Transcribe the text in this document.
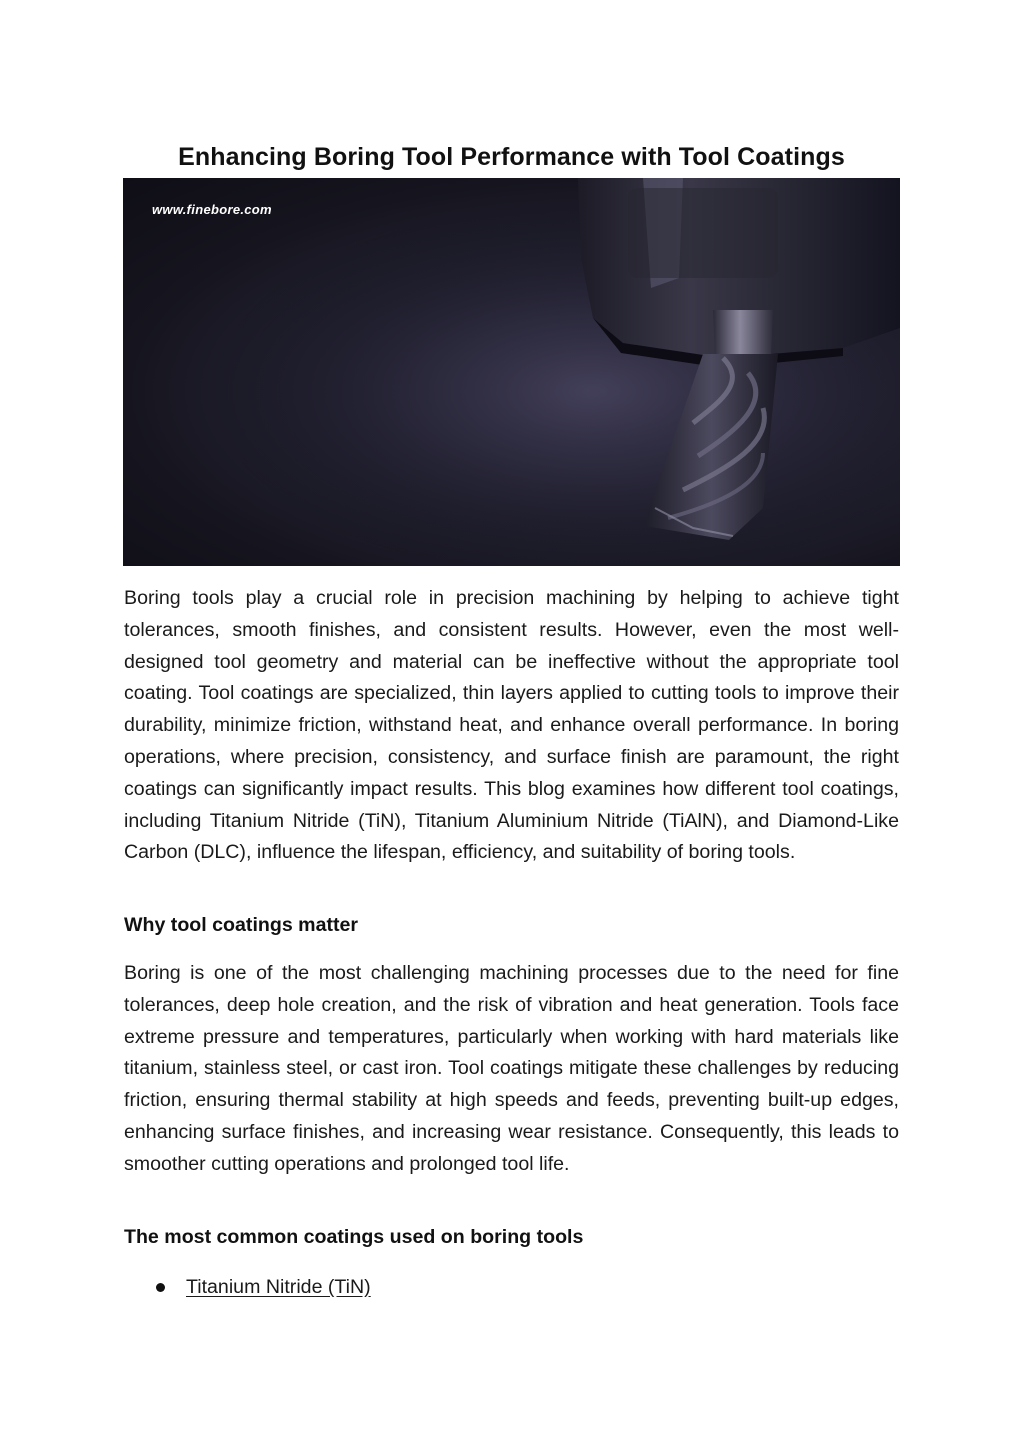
Enhancing Boring Tool Performance with Tool Coatings
www.finebore.com

Boring tools play a crucial role in precision machining by helping to achieve tight tolerances, smooth finishes, and consistent results. However, even the most well-designed tool geometry and material can be ineffective without the appropriate tool coating. Tool coatings are specialized, thin layers applied to cutting tools to improve their durability, minimize friction, withstand heat, and enhance overall performance. In boring operations, where precision, consistency, and surface finish are paramount, the right coatings can significantly impact results. This blog examines how different tool coatings, including Titanium Nitride (TiN), Titanium Aluminium Nitride (TiAlN), and Diamond-Like Carbon (DLC), influence the lifespan, efficiency, and suitability of boring tools.

Why tool coatings matter

Boring is one of the most challenging machining processes due to the need for fine tolerances, deep hole creation, and the risk of vibration and heat generation. Tools face extreme pressure and temperatures, particularly when working with hard materials like titanium, stainless steel, or cast iron. Tool coatings mitigate these challenges by reducing friction, ensuring thermal stability at high speeds and feeds, preventing built-up edges, enhancing surface finishes, and increasing wear resistance. Consequently, this leads to smoother cutting operations and prolonged tool life.

The most common coatings used on boring tools
Titanium Nitride (TiN)
